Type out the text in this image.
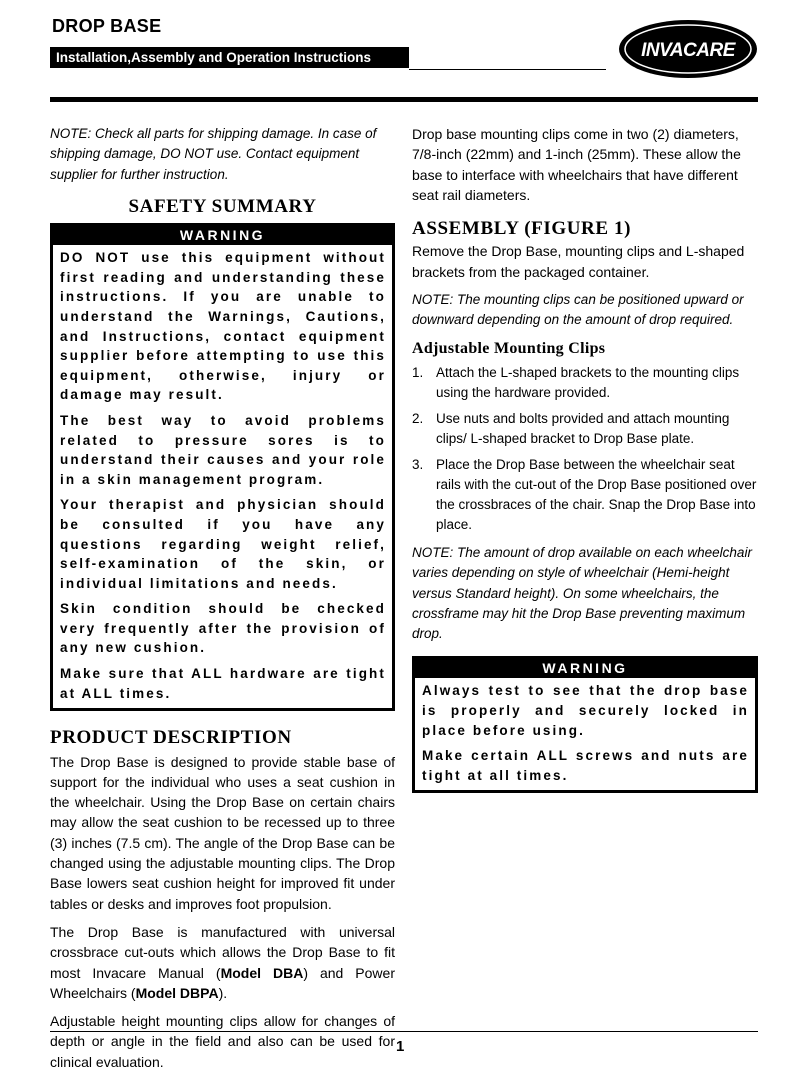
DROP BASE
Installation,Assembly and Operation Instructions	INVACARE

NOTE: Check all parts for shipping damage. In case of shipping damage, DO NOT use. Contact equipment supplier for further instruction.

SAFETY SUMMARY
WARNING

DO NOT use this equipment without first reading and understanding these instructions. If you are unable to understand the Warnings, Cautions, and Instructions, contact equipment supplier before attempting to use this equipment, otherwise, injury or damage may result.

The best way to avoid problems related to pressure sores is to understand their causes and your role in a skin management program.

Your therapist and physician should be consulted if you have any questions regarding weight relief, self-examination of the skin, or individual limitations and needs.

Skin condition should be checked very frequently after the provision of any new cushion.

Make sure that ALL hardware are tight at ALL times.

PRODUCT DESCRIPTION

The Drop Base is designed to provide stable base of support for the individual who uses a seat cushion in the wheelchair. Using the Drop Base on certain chairs may allow the seat cushion to be recessed up to three (3) inches (7.5 cm). The angle of the Drop Base can be changed using the adjustable mounting clips. The Drop Base lowers seat cushion height for improved fit under tables or desks and improves foot propulsion.

The Drop Base is manufactured with universal crossbrace cut-outs which allows the Drop Base to fit most Invacare Manual (Model DBA) and Power Wheelchairs (Model DBPA).

Adjustable height mounting clips allow for changes of depth or angle in the field and also can be used for clinical evaluation.

Drop base mounting clips come in two (2) diameters, 7/8-inch (22mm) and 1-inch (25mm). These allow the base to interface with wheelchairs that have different seat rail diameters.

ASSEMBLY (FIGURE 1)

Remove the Drop Base, mounting clips and L-shaped brackets from the packaged container.

NOTE: The mounting clips can be positioned upward or downward depending on the amount of drop required.

Adjustable Mounting Clips
1. Attach the L-shaped brackets to the mounting clips using the hardware provided.
2. Use nuts and bolts provided and attach mounting clips/ L-shaped bracket to Drop Base plate.
3. Place the Drop Base between the wheelchair seat rails with the cut-out of the Drop Base positioned over the crossbraces of the chair. Snap the Drop Base into place.

NOTE: The amount of drop available on each wheelchair varies depending on style of wheelchair (Hemi-height versus Standard height). On some wheelchairs, the crossframe may hit the Drop Base preventing maximum drop.

WARNING

Always test to see that the drop base is properly and securely locked in place before using.

Make certain ALL screws and nuts are tight at all times.

1
